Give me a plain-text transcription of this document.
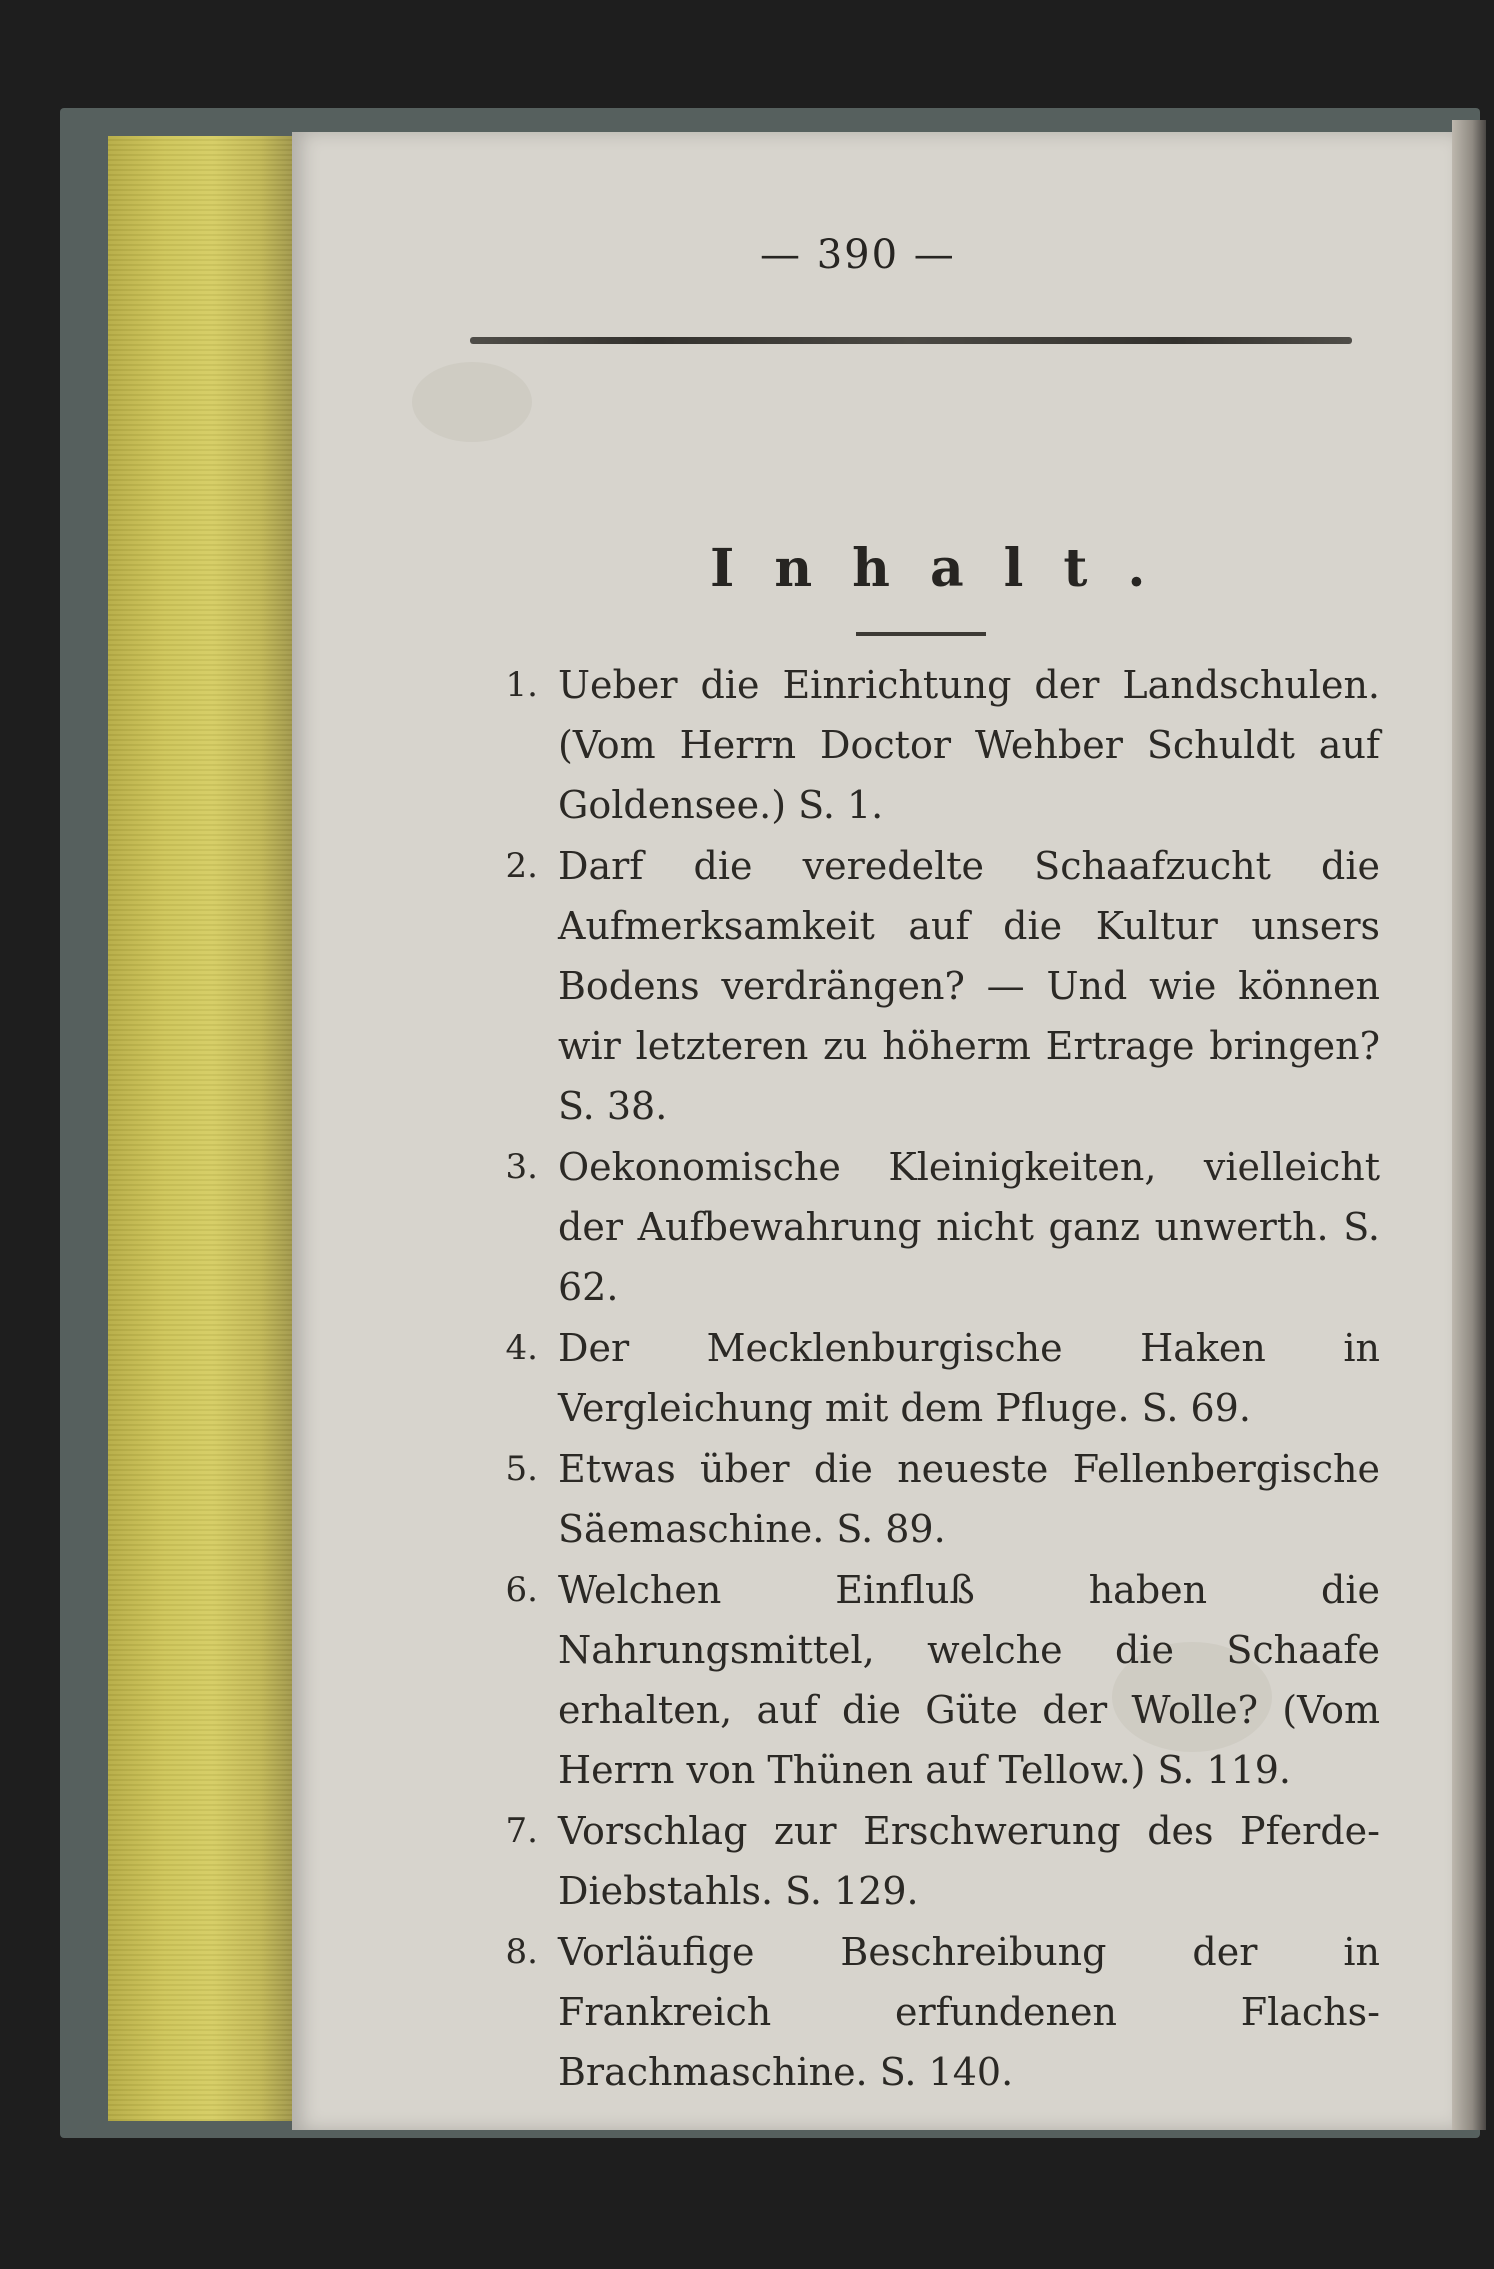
— 390 —
Inhalt.
1. Ueber die Einrichtung der Landschulen. (Vom Herrn Doctor Wehber Schuldt auf Goldensee.) S. 1.
2. Darf die veredelte Schaafzucht die Aufmerksamkeit auf die Kultur unsers Bodens verdrängen? — Und wie können wir letzteren zu höherm Ertrage bringen? S. 38.
3. Oekonomische Kleinigkeiten, vielleicht der Aufbewahrung nicht ganz unwerth. S. 62.
4. Der Mecklenburgische Haken in Vergleichung mit dem Pfluge. S. 69.
5. Etwas über die neueste Fellenbergische Säemaschine. S. 89.
6. Welchen Einfluß haben die Nahrungsmittel, welche die Schaafe erhalten, auf die Güte der Wolle? (Vom Herrn von Thünen auf Tellow.) S. 119.
7. Vorschlag zur Erschwerung des Pferde-Diebstahls. S. 129.
8. Vorläufige Beschreibung der in Frankreich erfundenen Flachs-Brachmaschine. S. 140.
